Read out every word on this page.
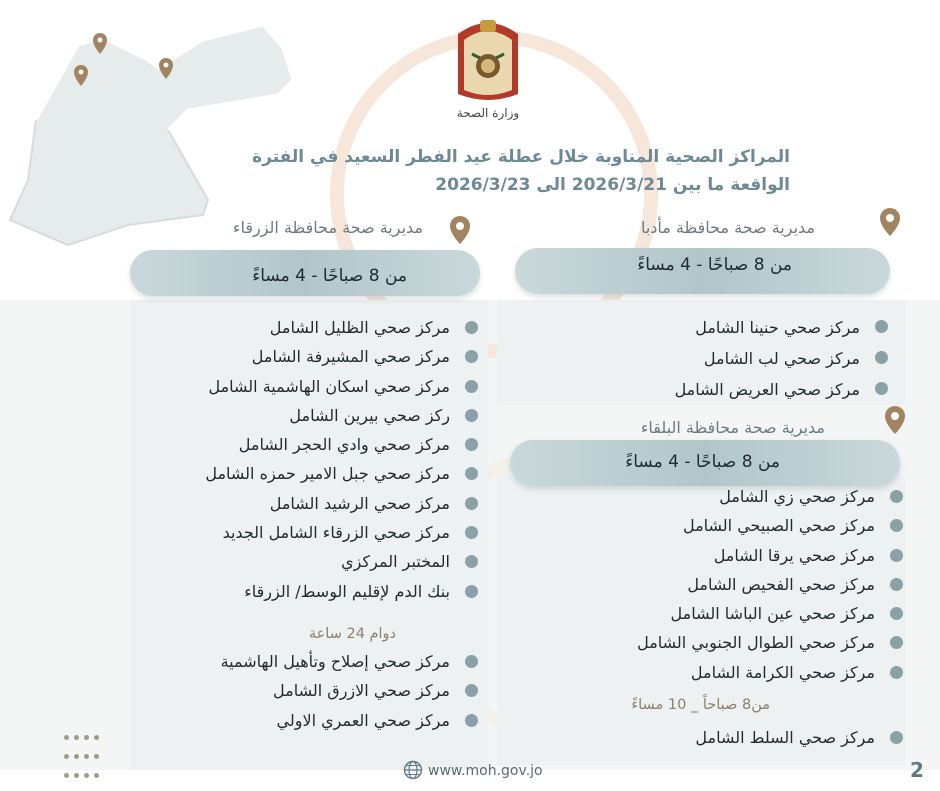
وزارة الصحة
المراكز الصحية المناوبة خلال عطلة عيد الفطر السعيد في الفترة
الواقعة ما بين 2026/3/21 الى 2026/3/23
مديرية صحة محافظة الزرقاء
من 8 صباحًا - 4 مساءً
مركز صحي الظليل الشامل
مركز صحي المشيرفة الشامل
مركز صحي اسكان الهاشمية الشامل
ركز صحي بيرين الشامل
مركز صحي وادي الحجر الشامل
مركز صحي جبل الامير حمزه الشامل
مركز صحي الرشيد الشامل
مركز صحي الزرقاء الشامل الجديد
المختبر المركزي
بنك الدم لإقليم الوسط/ الزرقاء
دوام 24 ساعة
مركز صحي إصلاح وتأهيل الهاشمية
مركز صحي الازرق الشامل
مركز صحي العمري الاولي
مديرية صحة محافظة مأدبا
من 8 صباحًا - 4 مساءً
مركز صحي حنينا الشامل
مركز صحي لب الشامل
مركز صحي العريض الشامل
مديرية صحة محافظة البلقاء
من 8 صباحًا - 4 مساءً
مركز صحي زي الشامل
مركز صحي الصبيحي الشامل
مركز صحي يرقا الشامل
مركز صحي الفحيص الشامل
مركز صحي عين الباشا الشامل
مركز صحي الطوال الجنوبي الشامل
مركز صحي الكرامة الشامل
من8 صباحاً _ 10 مساءً
مركز صحي السلط الشامل

www.moh.gov.jo	2
